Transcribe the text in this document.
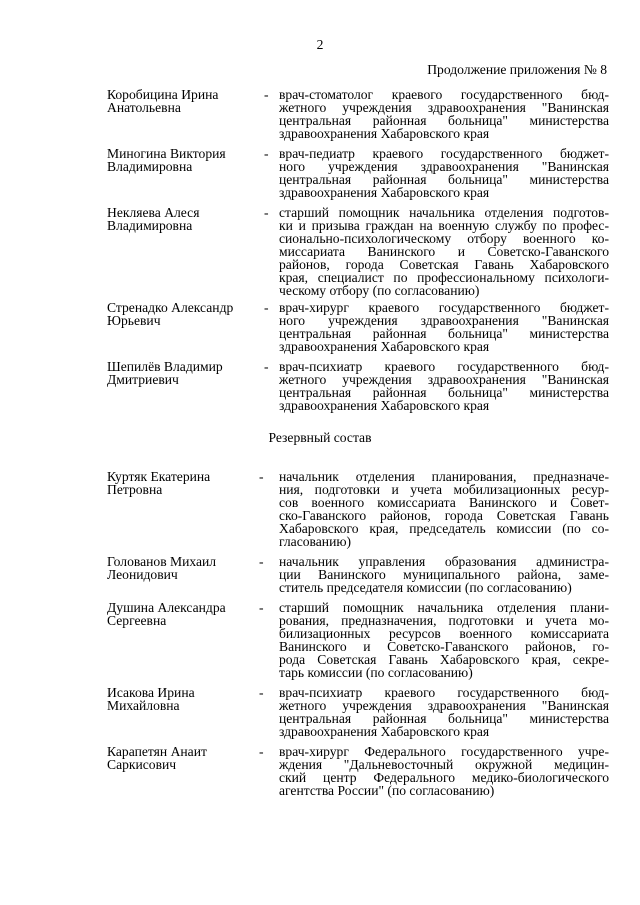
2
Продолжение приложения № 8
Коробицина Ирина
Анатольевна
- врач-стоматолог краевого государственного бюд-
жетного учреждения здравоохранения "Ванинская
центральная районная больница" министерства
здравоохранения Хабаровского края
Миногина Виктория
Владимировна
- врач-педиатр краевого государственного бюджет-
ного учреждения здравоохранения "Ванинская
центральная районная больница" министерства
здравоохранения Хабаровского края
Некляева Алеся
Владимировна
- старший помощник начальника отделения подготов-
ки и призыва граждан на военную службу по профес-
сионально-психологическому отбору военного ко-
миссариата Ванинского и Советско-Гаванского
районов, города Советская Гавань Хабаровского
края, специалист по профессиональному психологи-
ческому отбору (по согласованию)
Стренадко Александр
Юрьевич
- врач-хирург краевого государственного бюджет-
ного учреждения здравоохранения "Ванинская
центральная районная больница" министерства
здравоохранения Хабаровского края
Шепилёв Владимир
Дмитриевич
- врач-психиатр краевого государственного бюд-
жетного учреждения здравоохранения "Ванинская
центральная районная больница" министерства
здравоохранения Хабаровского края
Резервный состав
Куртяк Екатерина
Петровна
- начальник отделения планирования, предназначе-
ния, подготовки и учета мобилизационных ресур-
сов военного комиссариата Ванинского и Совет-
ско-Гаванского районов, города Советская Гавань
Хабаровского края, председатель комиссии (по со-
гласованию)
Голованов Михаил
Леонидович
- начальник управления образования администра-
ции Ванинского муниципального района, заме-
ститель председателя комиссии (по согласованию)
Душина Александра
Сергеевна
- старший помощник начальника отделения плани-
рования, предназначения, подготовки и учета мо-
билизационных ресурсов военного комиссариата
Ванинского и Советско-Гаванского районов, го-
рода Советская Гавань Хабаровского края, секре-
тарь комиссии (по согласованию)
Исакова Ирина
Михайловна
- врач-психиатр краевого государственного бюд-
жетного учреждения здравоохранения "Ванинская
центральная районная больница" министерства
здравоохранения Хабаровского края
Карапетян Анаит
Саркисович
- врач-хирург Федерального государственного учре-
ждения "Дальневосточный окружной медицин-
ский центр Федерального медико-биологического
агентства России" (по согласованию)
